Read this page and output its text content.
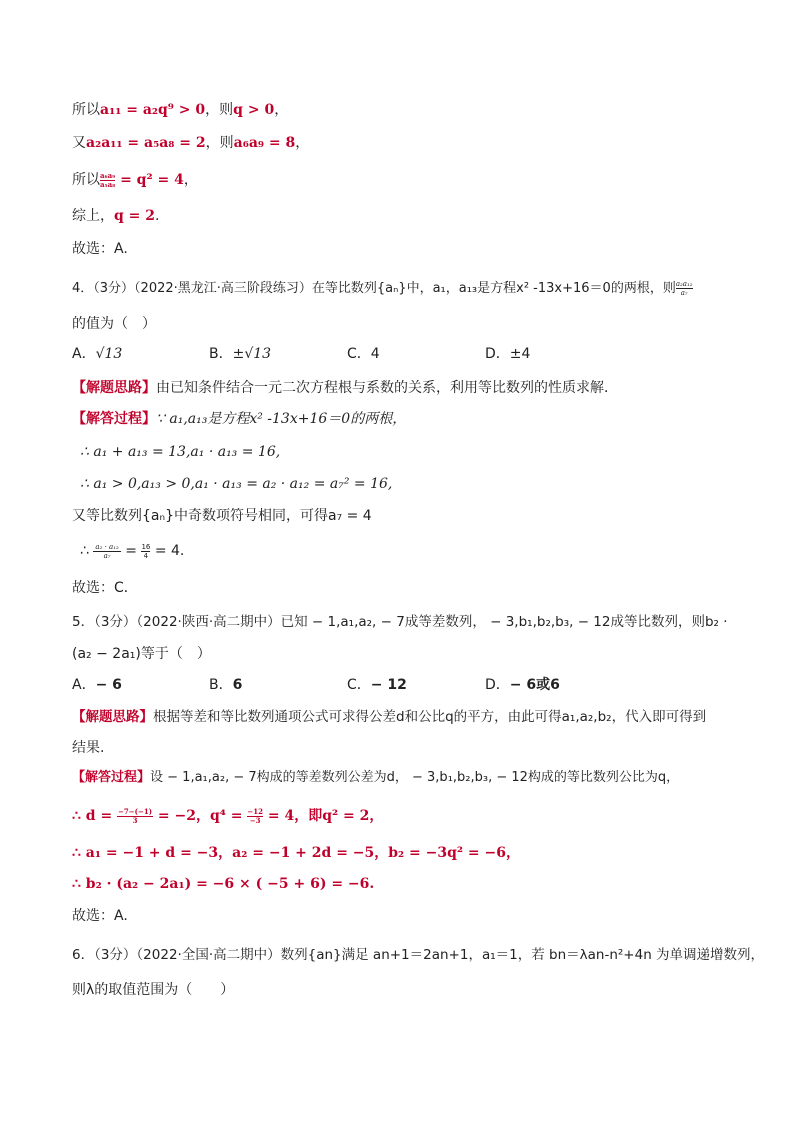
所以a₁₁ = a₂q⁹ > 0，则q > 0，
又a₂a₁₁ = a₅a₈ = 2，则a₆a₉ = 8，
所以 $\frac{\text{a₆a₉}}{\text{a₅a₈}} = q^2 = 4$，
综上，q = 2.
故选：A.
4．（3分）（2022·黑龙江·高三阶段练习）在等比数列{aₙ}中，a₁，a₁₃是方程x² -13x+16＝0的两根，则 $\frac{\text{a₂a₁₂}}{\text{a₇}}$
的值为（　）
A．√13	B．±√13	C．4	D．±4
【解题思路】由已知条件结合一元二次方程根与系数的关系，利用等比数列的性质求解．
【解答过程】∵ a₁,a₁₃是方程x² -13x+16＝0的两根，
∴ a₁ + a₁₃ = 13,a₁ · a₁₃ = 16,
∴ a₁ > 0,a₁₃ > 0,a₁ · a₁₃ = a₂ · a₁₂ = a₇² = 16,
又等比数列{aₙ}中奇数项符号相同，可得a₇ = 4
∴ $\frac{\text{a₂ · a₁₂}}{\text{a₇}} = \frac{16}{4} = 4$.
故选：C．
5．（3分）（2022·陕西·高二期中）已知 − 1,a₁,a₂, − 7成等差数列， − 3,b₁,b₂,b₃, − 12成等比数列，则b₂ ·
(a₂ − 2a₁)等于（　）
A．− 6	B．6	C．− 12	D．− 6或6
【解题思路】根据等差和等比数列通项公式可求得公差d和公比q的平方，由此可得a₁,a₂,b₂，代入即可得到
结果.
【解答过程】设 − 1,a₁,a₂, − 7构成的等差数列公差为d， − 3,b₁,b₂,b₃, − 12构成的等比数列公比为q，
∴ $d = \frac{-7-(-1)}{3} = -2$，$q^4 = \frac{-12}{-3} = 4$，即q² = 2，
∴ a₁ = −1 + d = −3，a₂ = −1 + 2d = −5，b₂ = −3q² = −6，
∴ b₂ · (a₂ − 2a₁) = −6 × ( −5 + 6) = −6.
故选：A.
6．（3分）（2022·全国·高二期中）数列{an}满足 an+1＝2an+1，a₁＝1，若 bn＝λan-n²+4n 为单调递增数列，
则λ的取值范围为（　　）
